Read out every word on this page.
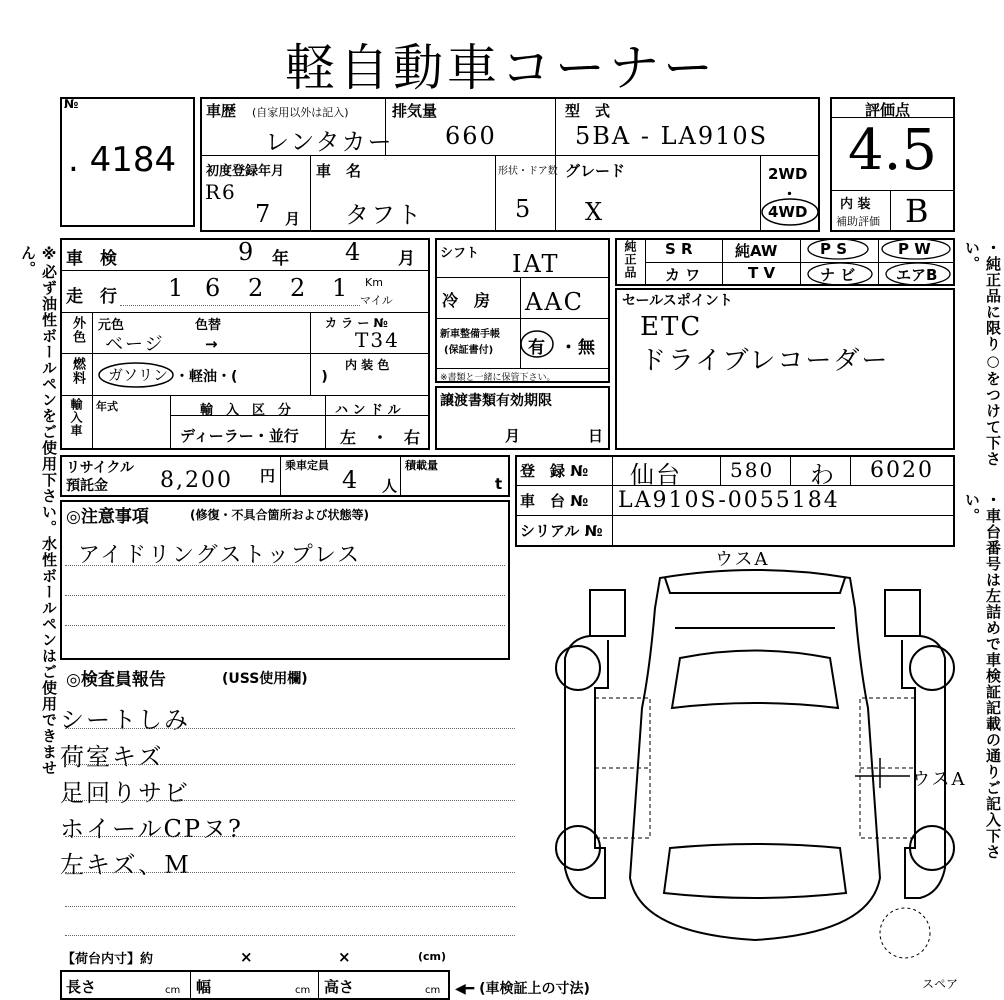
軽自動車コーナー
※必ず油性ボールペンをご使用下さい。水性ボールペンはご使用できません。	・純正品に限り○をつけて下さい。
・車台番号は左詰めで車検証記載の通りご記入下さい。
№
. 4184
車歴 (自家用以外は記入)
レンタカー
排気量
660
型　式
5BA - LA910S
初度登録年月
R6
7 月
車　名
タフト
形状・ドア数
5
グレード
X
2WD
・
4WD
評価点
4.5
内 装
補助評価 B
車　検	9 年 4 月
走　行 1 6 2 2 1 Km
マイル
外色 元色	色替	カ ラ ー №
ベージ	→	T34
燃料 ガソリン ・軽油・(　　　　　　)
内 装 色
輸入車 年式	輸　入　区　分
ディーラー・並行
ハ ン ド ル
左　・　右
シフト IAT
冷　房 AAC
新車整備手帳
(保証書付) 有 ・ 無
※書類と一緒に保管下さい。
譲渡書類有効期限
月	日
純正品 S R	純AW	P S	P W
カ ワ	T V	ナ ビ	エアB
セールスポイント
ETC
ドライブレコーダー
リサイクル
預託金 8,200 円
乗車定員
4 人
積載量
t
登　録 № 仙台 580 わ 6020
車　台 № LA910S-0055184
シリアル №
◎注意事項	(修復・不具合箇所および状態等)
アイドリングストップレス
◎検査員報告	(USS使用欄)
シートしみ
荷室キズ
足回りサビ
ホイールCPヌ?
左キズ、M
【荷台内寸】約	×	×	(cm)
長さ	cm 幅	cm 高さ	cm ◀━ (車検証上の寸法)
ウスA
ウスA
スペア
